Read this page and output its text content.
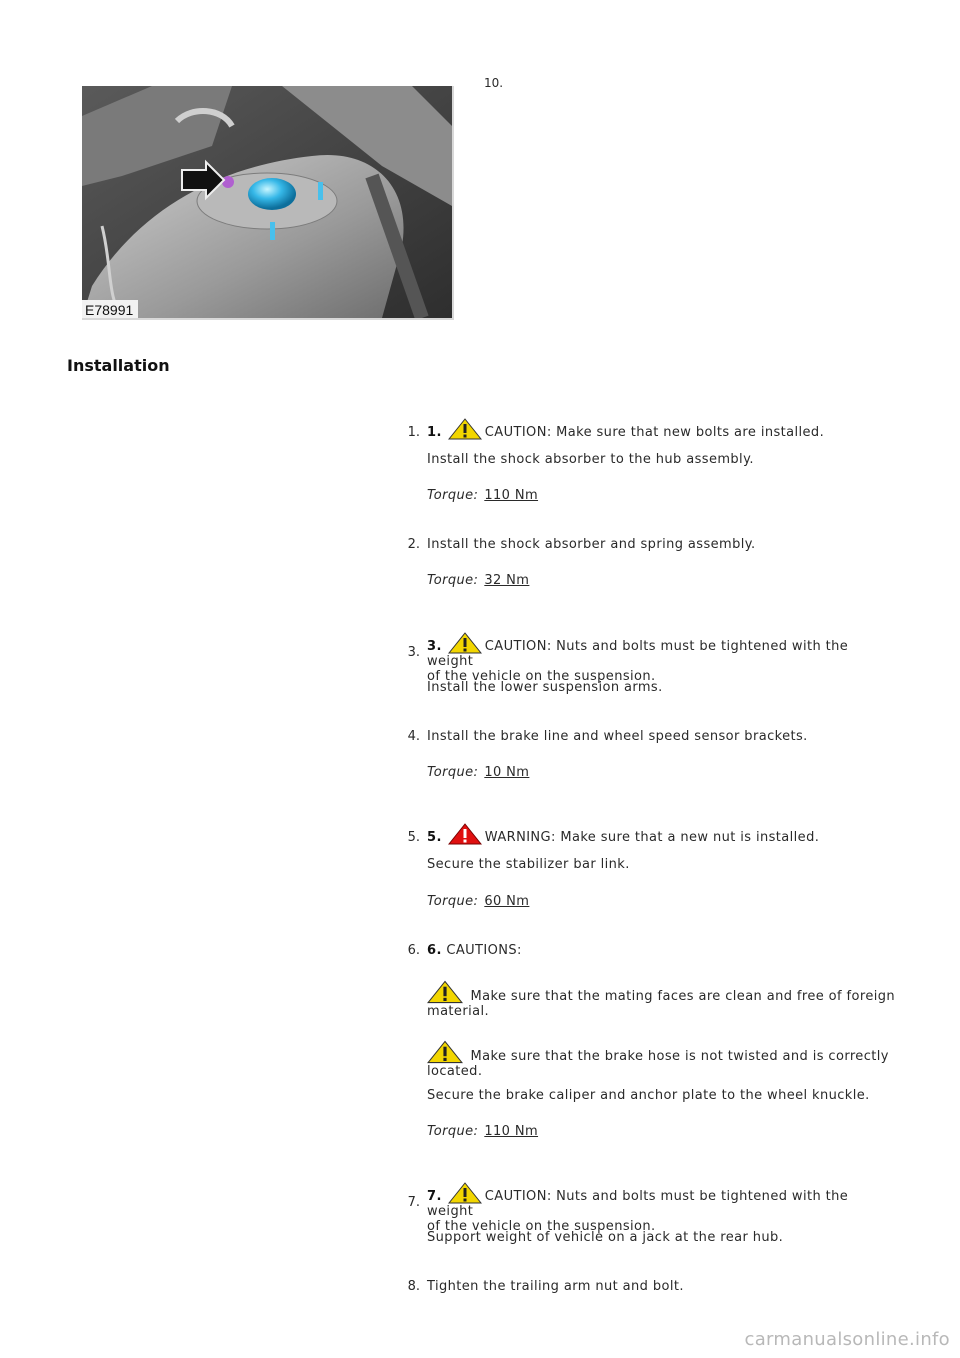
E78991
10.
Installation
1. 1.	CAUTION: Make sure that new bolts are installed.
Install the shock absorber to the hub assembly.
Torque: 110 Nm
2. Install the shock absorber and spring assembly.
Torque: 32 Nm
3. 3.	CAUTION: Nuts and bolts must be tightened with the weight
of the vehicle on the suspension.
Install the lower suspension arms.
4. Install the brake line and wheel speed sensor brackets.
Torque: 10 Nm
5. 5.	WARNING: Make sure that a new nut is installed.
Secure the stabilizer bar link.
Torque: 60 Nm
6. 6. CAUTIONS:
Make sure that the mating faces are clean and free of foreign
material.
Make sure that the brake hose is not twisted and is correctly
located.
Secure the brake caliper and anchor plate to the wheel knuckle.
Torque: 110 Nm
7. 7.	CAUTION: Nuts and bolts must be tightened with the weight
of the vehicle on the suspension.
Support weight of vehicle on a jack at the rear hub.
8. Tighten the trailing arm nut and bolt.
carmanualsonline.info
